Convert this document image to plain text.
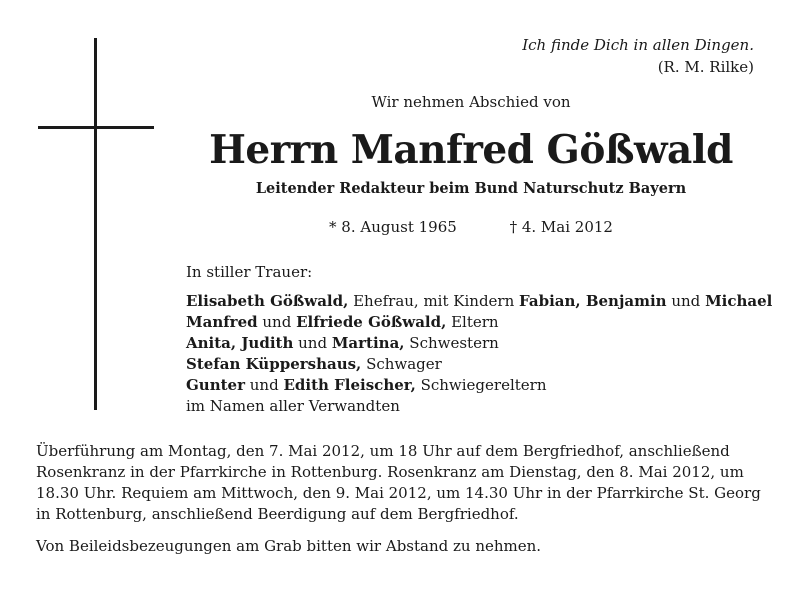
Ich finde Dich in allen Dingen.
(R. M. Rilke)
Wir nehmen Abschied von
Herrn Manfred Gößwald
Leitender Redakteur beim Bund Naturschutz Bayern
* 8. August 1965	† 4. Mai 2012
In stiller Trauer:
Elisabeth Gößwald, Ehefrau, mit Kindern Fabian, Benjamin und Michael
Manfred und Elfriede Gößwald, Eltern
Anita, Judith und Martina, Schwestern
Stefan Küppershaus, Schwager
Gunter und Edith Fleischer, Schwiegereltern
im Namen aller Verwandten
Überführung am Montag, den 7. Mai 2012, um 18 Uhr auf dem Bergfriedhof, anschließend
Rosenkranz in der Pfarrkirche in Rottenburg. Rosenkranz am Dienstag, den 8. Mai 2012, um
18.30 Uhr. Requiem am Mittwoch, den 9. Mai 2012, um 14.30 Uhr in der Pfarrkirche St. Georg
in Rottenburg, anschließend Beerdigung auf dem Bergfriedhof.
Von Beileidsbezeugungen am Grab bitten wir Abstand zu nehmen.
